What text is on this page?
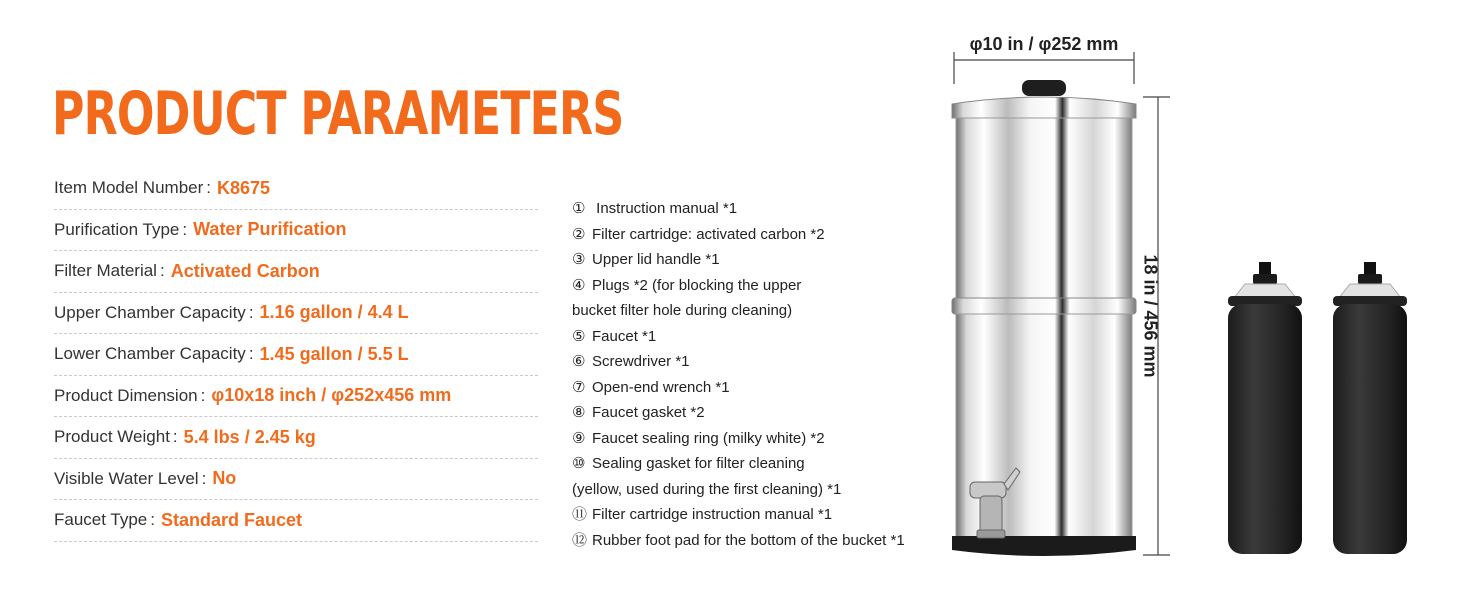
PRODUCT PARAMETERS
Item Model Number : K8675
Purification Type : Water Purification
Filter Material : Activated Carbon
Upper Chamber Capacity : 1.16 gallon / 4.4 L
Lower Chamber Capacity : 1.45 gallon / 5.5 L
Product Dimension : φ10x18 inch / φ252x456 mm
Product Weight : 5.4 lbs / 2.45 kg
Visible Water Level : No
Faucet Type : Standard Faucet
① Instruction manual *1
② Filter cartridge: activated carbon *2
③ Upper lid handle *1
④ Plugs *2 (for blocking the upper
bucket filter hole during cleaning)
⑤ Faucet *1
⑥ Screwdriver *1
⑦ Open-end wrench *1
⑧ Faucet gasket *2
⑨ Faucet sealing ring (milky white) *2
⑩ Sealing gasket for filter cleaning
(yellow, used during the first cleaning) *1
⑪ Filter cartridge instruction manual *1
⑫ Rubber foot pad for the bottom of the bucket *1
φ10 in / φ252 mm
18 in / 456 mm
